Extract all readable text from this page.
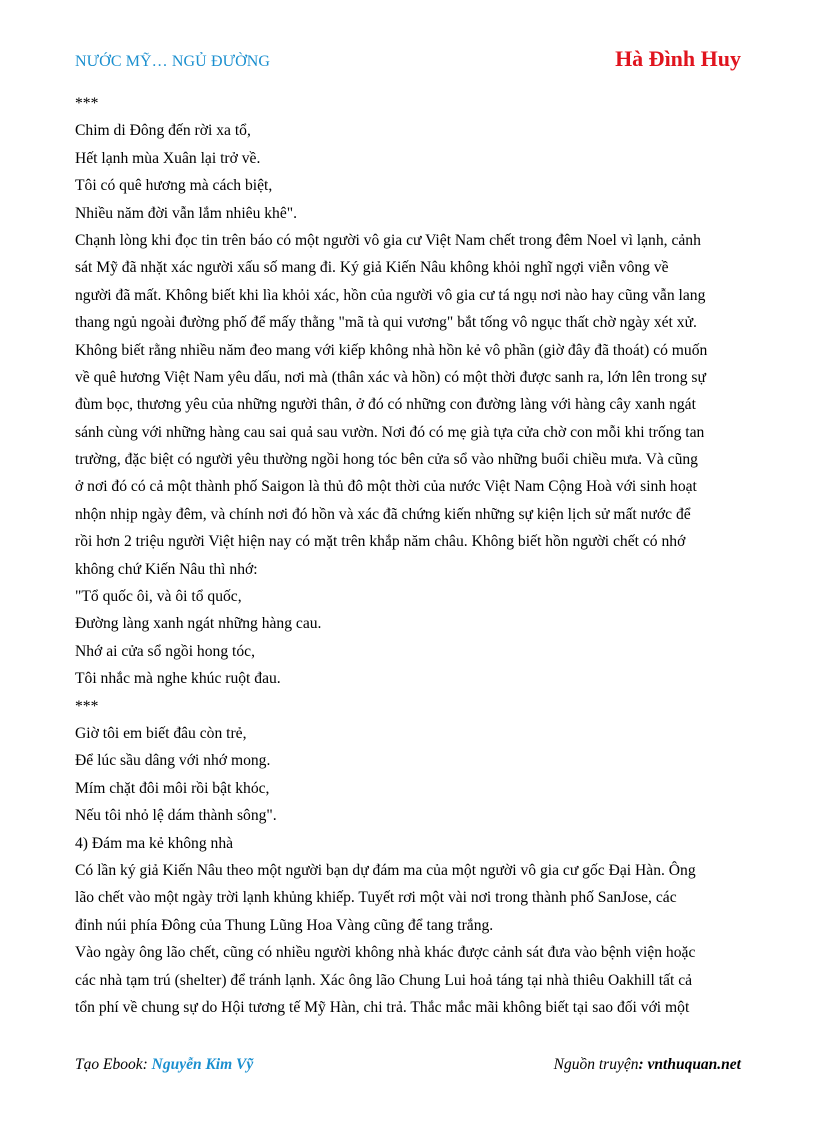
NƯỚC MỸ… NGỦ ĐƯỜNG	Hà Đình Huy
***
Chim di Đông đến rời xa tổ,
Hết lạnh mùa Xuân lại trở về.
Tôi có quê hương mà cách biệt,
Nhiều năm đời vẫn lắm nhiêu khê".
Chạnh lòng khi đọc tin trên báo có một người vô gia cư Việt Nam chết trong đêm Noel vì lạnh, cảnh
sát Mỹ đã nhặt xác người xấu số mang đi. Ký giả Kiến Nâu không khỏi nghĩ ngợi viễn vông về
người đã mất. Không biết khi lìa khỏi xác, hồn của người vô gia cư tá ngụ nơi nào hay cũng vẫn lang
thang ngủ ngoài đường phố để mấy thằng "mã tà qui vương" bắt tống vô ngục thất chờ ngày xét xử.
Không biết rằng nhiều năm đeo mang với kiếp không nhà hồn kẻ vô phần (giờ đây đã thoát) có muốn
về quê hương Việt Nam yêu dấu, nơi mà (thân xác và hồn) có một thời được sanh ra, lớn lên trong sự
đùm bọc, thương yêu của những người thân, ở đó có những con đường làng với hàng cây xanh ngát
sánh cùng với những hàng cau sai quả sau vườn. Nơi đó có mẹ già tựa cửa chờ con mỗi khi trống tan
trường, đặc biệt có người yêu thường ngồi hong tóc bên cửa sổ vào những buổi chiều mưa. Và cũng
ở nơi đó có cả một thành phố Saigon là thủ đô một thời của nước Việt Nam Cộng Hoà với sinh hoạt
nhộn nhịp ngày đêm, và chính nơi đó hồn và xác đã chứng kiến những sự kiện lịch sử mất nước để
rồi hơn 2 triệu người Việt hiện nay có mặt trên khắp năm châu. Không biết hồn người chết có nhớ
không chứ Kiến Nâu thì nhớ:
"Tổ quốc ôi, và ôi tổ quốc,
Đường làng xanh ngát những hàng cau.
Nhớ ai cửa sổ ngồi hong tóc,
Tôi nhắc mà nghe khúc ruột đau.
***
Giờ tôi em biết đâu còn trẻ,
Để lúc sầu dâng với nhớ mong.
Mím chặt đôi môi rồi bật khóc,
Nếu tôi nhỏ lệ dám thành sông".
4) Đám ma kẻ không nhà
Có lần ký giả Kiến Nâu theo một người bạn dự đám ma của một người vô gia cư gốc Đại Hàn. Ông
lão chết vào một ngày trời lạnh khủng khiếp. Tuyết rơi một vài nơi trong thành phố SanJose, các
đỉnh núi phía Đông của Thung Lũng Hoa Vàng cũng để tang trắng.
Vào ngày ông lão chết, cũng có nhiều người không nhà khác được cảnh sát đưa vào bệnh viện hoặc
các nhà tạm trú (shelter) để tránh lạnh. Xác ông lão Chung Lui hoả táng tại nhà thiêu Oakhill tất cả
tổn phí về chung sự do Hội tương tế Mỹ Hàn, chi trả. Thắc mắc mãi không biết tại sao đối với một
Tạo Ebook: Nguyễn Kim Vỹ	Nguồn truyện: vnthuquan.net
